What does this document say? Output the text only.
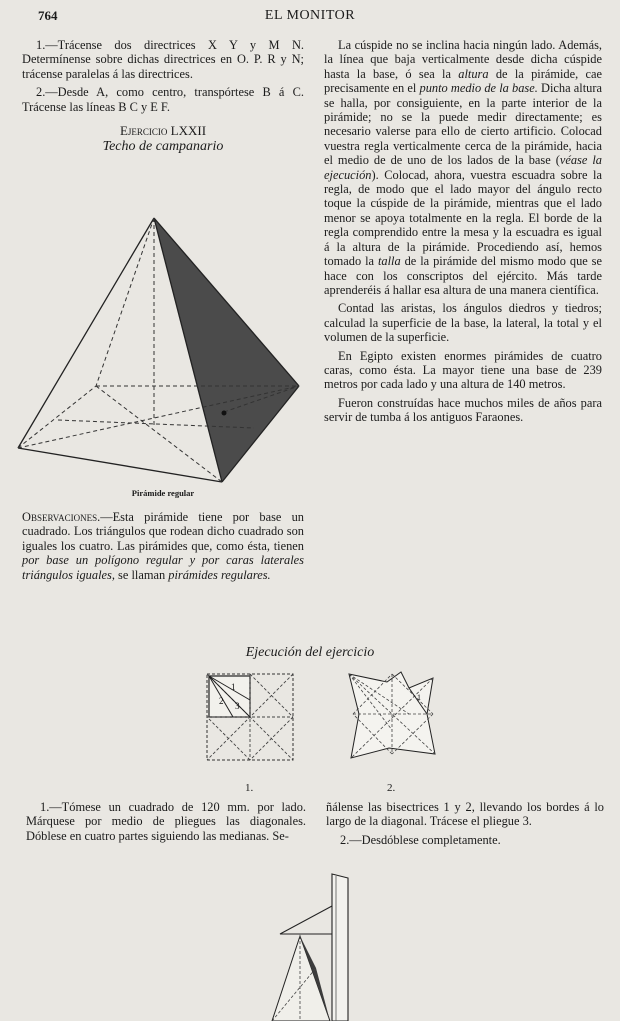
764	EL MONITOR

1.—Trácense dos directrices X Y y M N. Determínense sobre dichas directrices en O. P. R y N; trácense paralelas á las directrices.

2.—Desde A, como centro, transpórtese B á C. Trácense las líneas B C y E F.

Ejercicio LXXII

Techo de campanario

Pirámide regular

Observaciones.—Esta pirámide tiene por base un cuadrado. Los triángulos que rodean dicho cuadrado son iguales los cuatro. Las pirámides que, como ésta, tienen por base un polígono regular y por caras laterales triángulos iguales, se llaman pirámides regulares.

La cúspide no se inclina hacia ningún lado. Además, la línea que baja verticalmente desde dicha cúspide hasta la base, ó sea la altura de la pirámide, cae precisamente en el punto medio de la base. Dicha altura se halla, por consiguiente, en la parte interior de la pirámide; no se la puede medir directamente; es necesario valerse para ello de cierto artificio. Colocad vuestra regla verticalmente cerca de la pirámide, hacia el medio de de uno de los lados de la base (véase la ejecución). Colocad, ahora, vuestra escuadra sobre la regla, de modo que el lado mayor del ángulo recto toque la cúspide de la pirámide, mientras que el lado menor se apoya totalmente en la regla. El borde de la regla comprendido entre la mesa y la escuadra es igual á la altura de la pirámide. Procediendo así, hemos tomado la talla de la pirámide del mismo modo que se hace con los conscriptos del ejército. Más tarde aprenderéis á hallar esa altura de una manera científica.

Contad las aristas, los ángulos diedros y tiedros; calculad la superficie de la base, la lateral, la total y el volumen de la superficie.

En Egipto existen enormes pirámides de cuatro caras, como ésta. La mayor tiene una base de 239 metros por cada lado y una altura de 140 metros.

Fueron construídas hace muchos miles de años para servir de tumba á los antiguos Faraones.

Ejecución del ejercicio
1
2 3
1.
1
2.

1.—Tómese un cuadrado de 120 mm. por lado. Márquese por medio de pliegues las diagonales. Dóblese en cuatro partes siguiendo las medianas. Se-

ñálense las bisectrices 1 y 2, llevando los bordes á lo largo de la diagonal. Trácese el pliegue 3.

2.—Desdóblese completamente.
